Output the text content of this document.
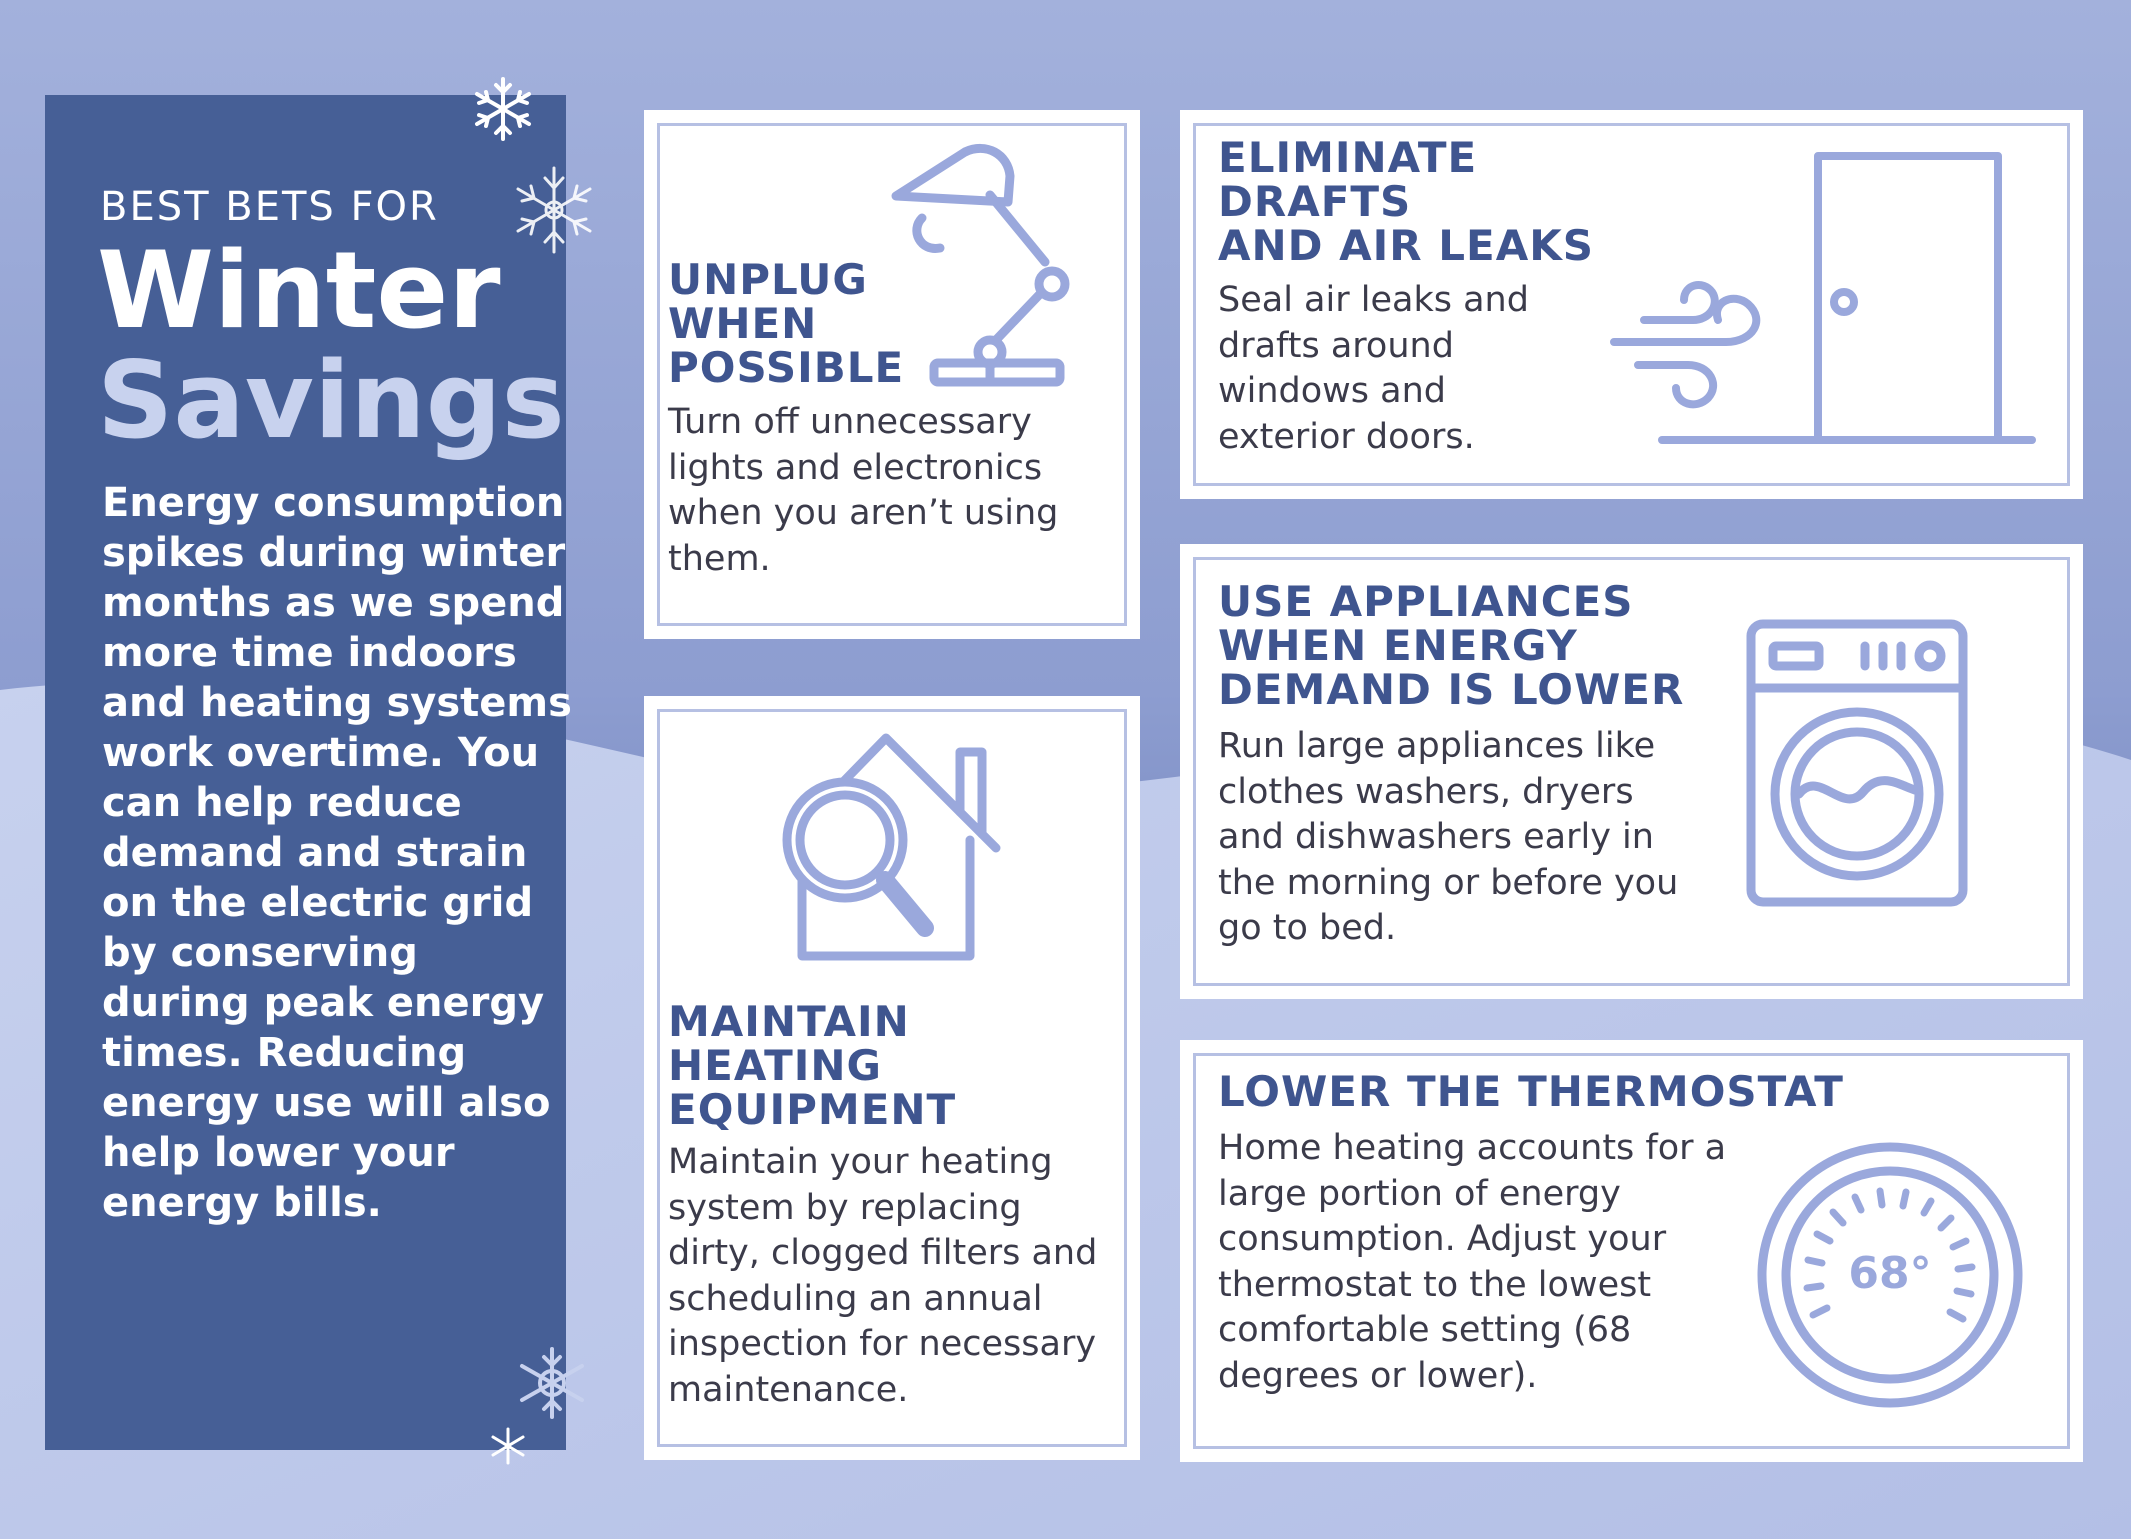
BEST BETS FOR
Winter
Savings
Energy consumption spikes during winter months as we spend more time indoors and heating systems work overtime. You can help reduce demand and strain on the electric grid by conserving during peak energy times. Reducing energy use will also help lower your energy bills.
UNPLUG
WHEN
POSSIBLE
Turn off unnecessary lights and electronics when you aren’t using them.
MAINTAIN
HEATING
EQUIPMENT
Maintain your heating system by replacing dirty, clogged filters and scheduling an annual inspection for necessary maintenance.
ELIMINATE
DRAFTS
AND AIR LEAKS
Seal air leaks and drafts around windows and exterior doors.
USE APPLIANCES
WHEN ENERGY
DEMAND IS LOWER
Run large appliances like clothes washers, dryers and dishwashers early in the morning or before you go to bed.
LOWER THE THERMOSTAT
Home heating accounts for a large portion of energy consumption. Adjust your thermostat to the lowest comfortable setting (68 degrees or lower).
68°
